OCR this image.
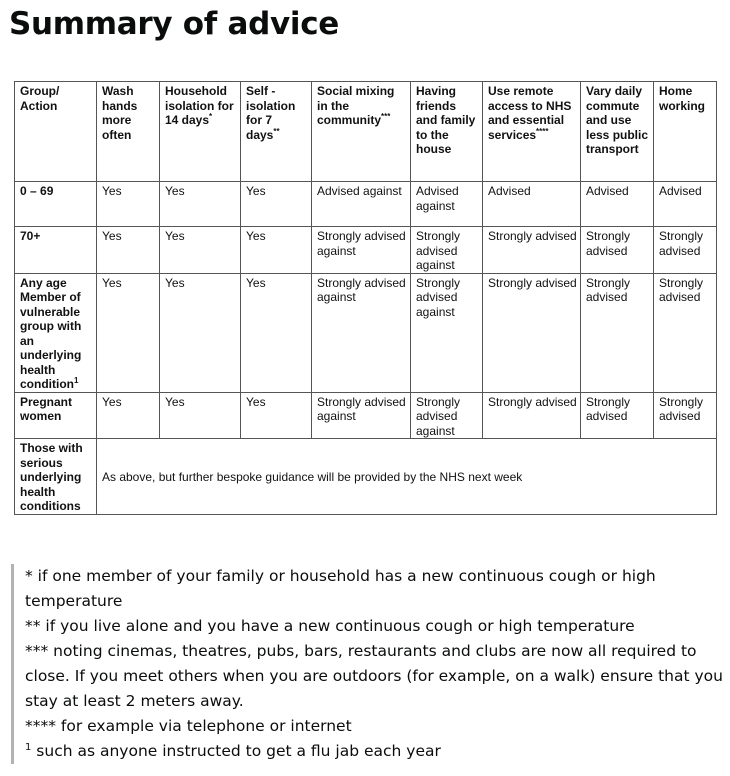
Summary of advice
Group/ Action	Wash hands more often	Household isolation for 14 days*	Self - isolation for 7 days**	Social mixing in the community***	Having friends and family to the house	Use remote access to NHS and essential services****	Vary daily commute and use less public transport	Home working
0 – 69	Yes	Yes	Yes	Advised against	Advised against	Advised	Advised	Advised
70+	Yes	Yes	Yes	Strongly advised against	Strongly advised against	Strongly advised	Strongly advised	Strongly advised
Any age Member of vulnerable group with an underlying health condition$^1$	Yes	Yes	Yes	Strongly advised against	Strongly advised against	Strongly advised	Strongly advised	Strongly advised
Pregnant women	Yes	Yes	Yes	Strongly advised against	Strongly advised against	Strongly advised	Strongly advised	Strongly advised
Those with serious underlying health conditions	As above, but further bespoke guidance will be provided by the NHS next week							

* if one member of your family or household has a new continuous cough or high temperature

** if you live alone and you have a new continuous cough or high temperature

*** noting cinemas, theatres, pubs, bars, restaurants and clubs are now all required to close. If you meet others when you are outdoors (for example, on a walk) ensure that you stay at least 2 meters away.

**** for example via telephone or internet

$^1$ such as anyone instructed to get a flu jab each year
